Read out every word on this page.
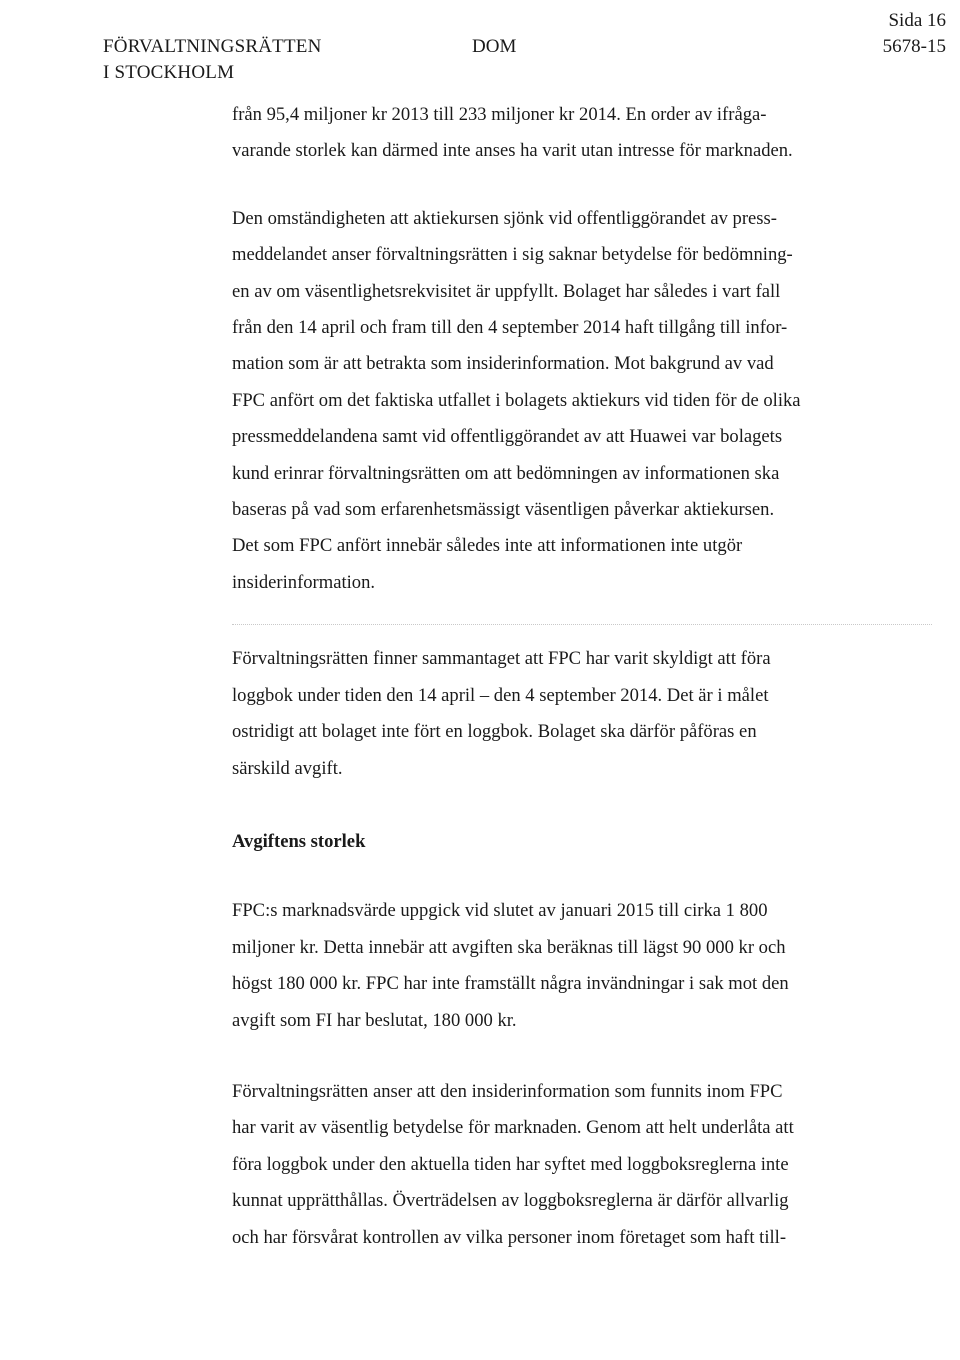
FÖRVALTNINGSRÄTTEN
I STOCKHOLM
DOM
Sida 16
5678-15

från 95,4 miljoner kr 2013 till 233 miljoner kr 2014. En order av ifråga-
varande storlek kan därmed inte anses ha varit utan intresse för marknaden.

Den omständigheten att aktiekursen sjönk vid offentliggörandet av press-
meddelandet anser förvaltningsrätten i sig saknar betydelse för bedömning-
en av om väsentlighetsrekvisitet är uppfyllt. Bolaget har således i vart fall
från den 14 april och fram till den 4 september 2014 haft tillgång till infor-
mation som är att betrakta som insiderinformation. Mot bakgrund av vad
FPC anfört om det faktiska utfallet i bolagets aktiekurs vid tiden för de olika
pressmeddelandena samt vid offentliggörandet av att Huawei var bolagets
kund erinrar förvaltningsrätten om att bedömningen av informationen ska
baseras på vad som erfarenhetsmässigt väsentligen påverkar aktiekursen.
Det som FPC anfört innebär således inte att informationen inte utgör
insiderinformation.

Förvaltningsrätten finner sammantaget att FPC har varit skyldigt att föra
loggbok under tiden den 14 april – den 4 september 2014. Det är i målet
ostridigt att bolaget inte fört en loggbok. Bolaget ska därför påföras en
särskild avgift.

Avgiftens storlek

FPC:s marknadsvärde uppgick vid slutet av januari 2015 till cirka 1 800
miljoner kr. Detta innebär att avgiften ska beräknas till lägst 90 000 kr och
högst 180 000 kr. FPC har inte framställt några invändningar i sak mot den
avgift som FI har beslutat, 180 000 kr.

Förvaltningsrätten anser att den insiderinformation som funnits inom FPC
har varit av väsentlig betydelse för marknaden. Genom att helt underlåta att
föra loggbok under den aktuella tiden har syftet med loggboksreglerna inte
kunnat upprätthållas. Överträdelsen av loggboksreglerna är därför allvarlig
och har försvårat kontrollen av vilka personer inom företaget som haft till-
